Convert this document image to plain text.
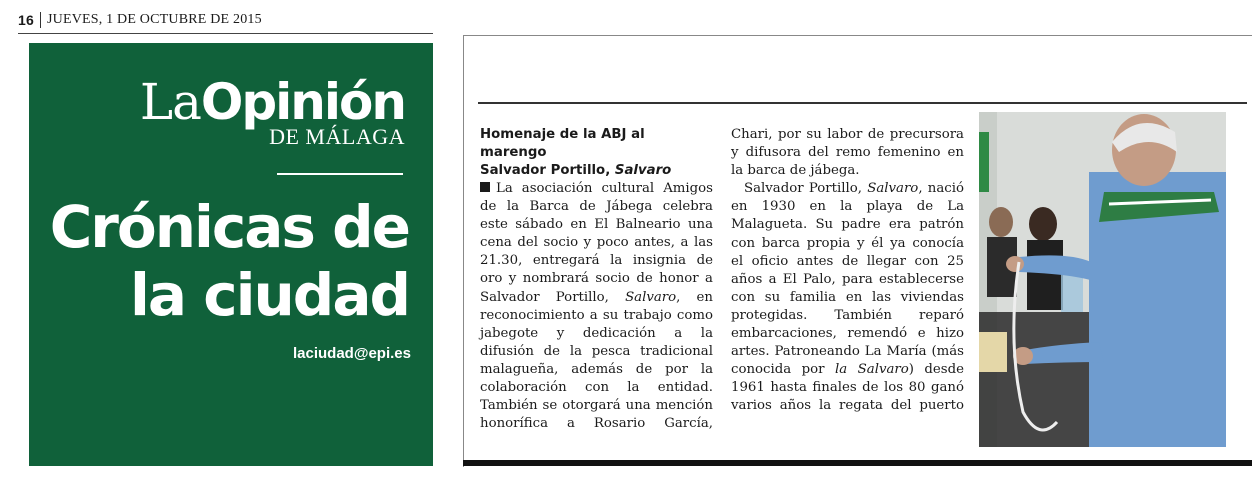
16 JUEVES, 1 DE OCTUBRE DE 2015
LaOpinión
DE MÁLAGA
Crónicas de
la ciudad
laciudad@epi.es
Homenaje de la ABJ al marengo
Salvador Portillo, Salvaro

La asociación cultural Amigos de la Barca de Jábega celebra este sábado en El Balneario una cena del socio y poco antes, a las 21.30, entregará la insignia de oro y nombrará socio de honor a Salvador Portillo, Salvaro, en reconocimiento a su trabajo como jabegote y dedicación a la difusión de la pesca tradicional malagueña, además de por la colaboración con la entidad. También se otorgará una mención honorífica a Rosario García, Chari, por su labor de precursora y difusora del remo femenino en la barca de jábega.

Salvador Portillo, Salvaro, nació en 1930 en la playa de La Malagueta. Su padre era patrón con barca propia y él ya conocía el oficio antes de llegar con 25 años a El Palo, para establecerse con su familia en las viviendas protegidas. También reparó embarcaciones, remendó e hizo artes. Patroneando La María (más conocida por la Salvaro) desde 1961 hasta finales de los 80 ganó varios años la regata del puerto
